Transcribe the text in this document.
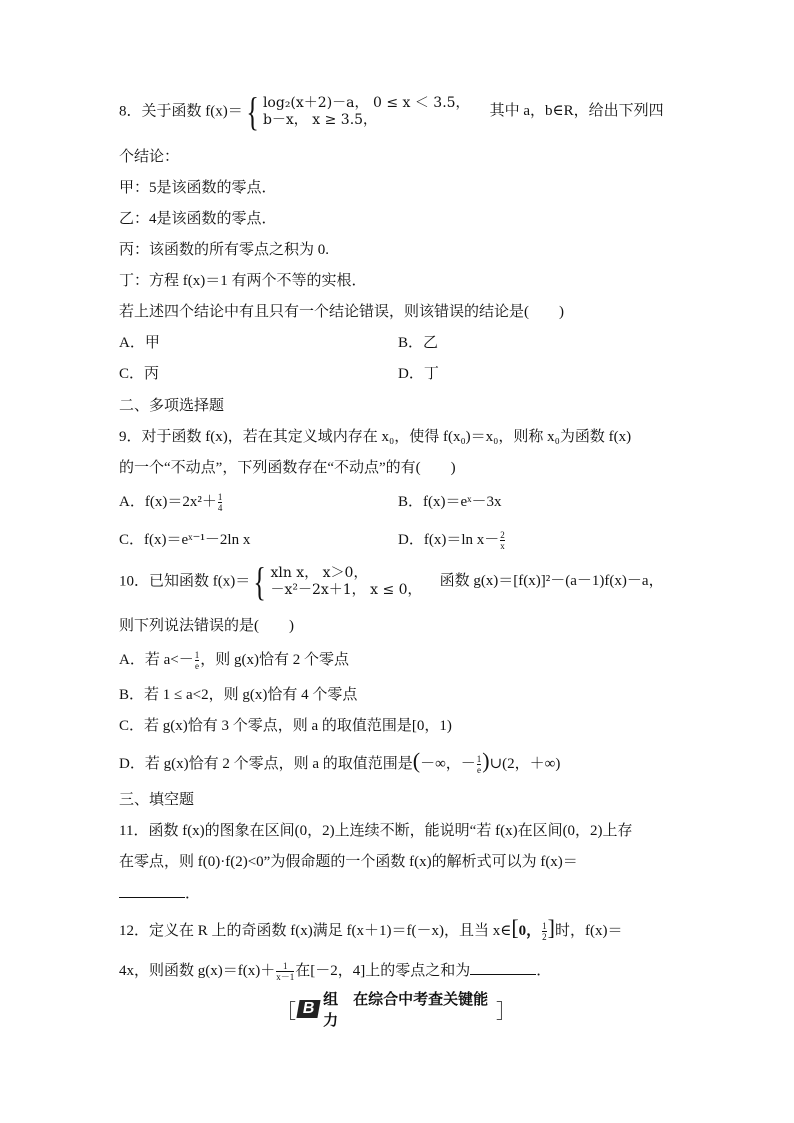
8．关于函数 f(x)＝ { log₂(x＋2)－a， 0 ≤ x ＜ 3.5，
b－x， x ≥ 3.5，
其中 a，b∈R，给出下列四
个结论：
甲：5是该函数的零点．
乙：4是该函数的零点．
丙：该函数的所有零点之积为 0.
丁：方程 f(x)＝1 有两个不等的实根．
若上述四个结论中有且只有一个结论错误，则该错误的结论是(　　)
A．甲	B．乙
C．丙	D．丁
二、多项选择题
9．对于函数 f(x)，若在其定义域内存在 x₀，使得 f(x₀)＝x₀，则称 x₀为函数 f(x)
的一个“不动点”，下列函数存在“不动点”的有(　　)
A．$f(x)=2x^2+ \frac{1}{4}$	B．f(x)＝eˣ－3x
C．f(x)＝eˣ⁻¹－2ln x	D．f(x)＝ln $x- \frac{2}{x}$
10．已知函数 f(x)＝ { xln x， x＞0，
－x²－2x＋1， x ≤ 0，
函数 g(x)＝[f(x)]²－(a－1)f(x)－a，
则下列说法错误的是(　　)
A．若 $a<- \frac{1}{e}$ ，则 g(x)恰有 2 个零点
B．若 1 ≤ a<2，则 g(x)恰有 4 个零点
C．若 g(x)恰有 3 个零点，则 a 的取值范围是[0，1)
D．若 g(x)恰有 2 个零点，则 a 的取值范围是(－∞，－ $\frac{1}{e}$ )∪(2，＋∞)
三、填空题
11．函数 f(x)的图象在区间(0，2)上连续不断，能说明“若 f(x)在区间(0，2)上存
在零点，则 f(0)·f(2)<0”为假命题的一个函数 f(x)的解析式可以为 f(x)＝
．
12．定义在 R 上的奇函数 f(x)满足 f(x＋1)＝f(－x)，且当 x∈[0， $\frac{1}{2}$ ]时，f(x)＝
4x，则函数 $g(x)=f(x)+ \frac{1}{x-1}$ 在[－2，4]上的零点之和为	．
［ B
组　在综合中考查关键能力	］
